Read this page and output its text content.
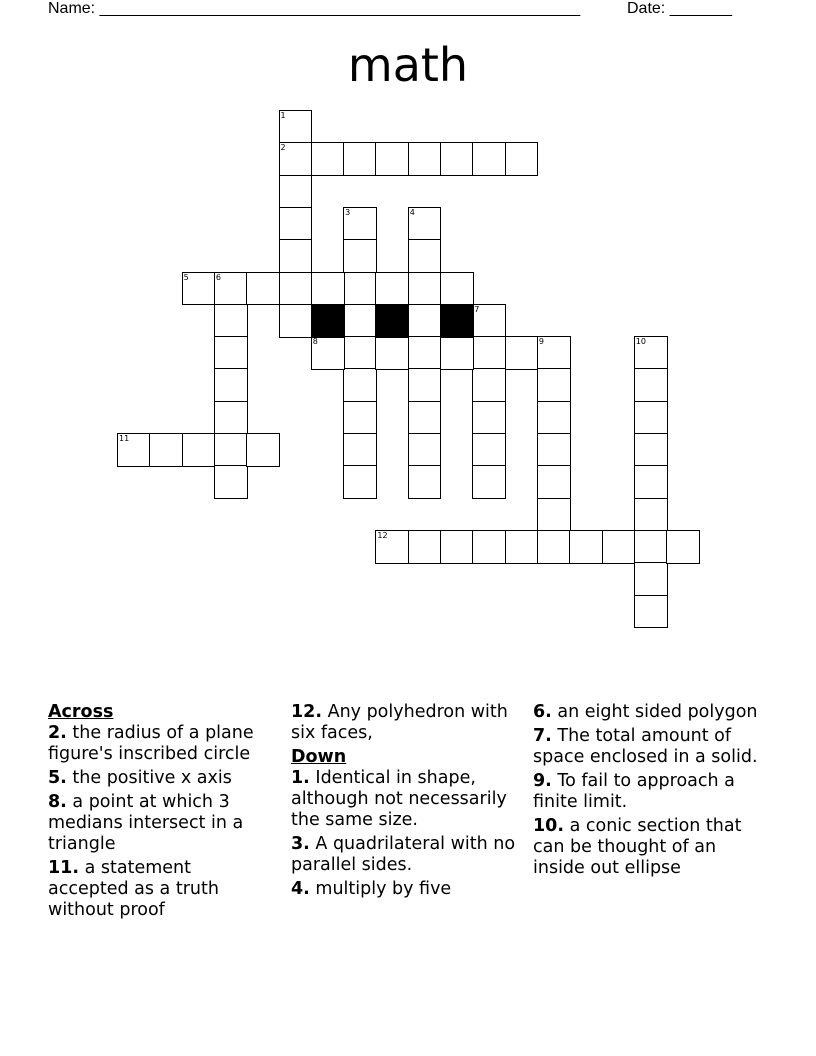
Name: ______________________________________________________	Date: _______
math
1
2
3	4
5	6
7
8	9	10
11
12
Across
2. the radius of a plane figure's inscribed circle
5. the positive x axis
8. a point at which 3 medians intersect in a triangle
11. a statement accepted as a truth without proof
12. Any polyhedron with six faces,
Down
1. Identical in shape, although not necessarily the same size.
3. A quadrilateral with no parallel sides.
4. multiply by five
6. an eight sided polygon
7. The total amount of space enclosed in a solid.
9. To fail to approach a finite limit.
10. a conic section that can be thought of an inside out ellipse
